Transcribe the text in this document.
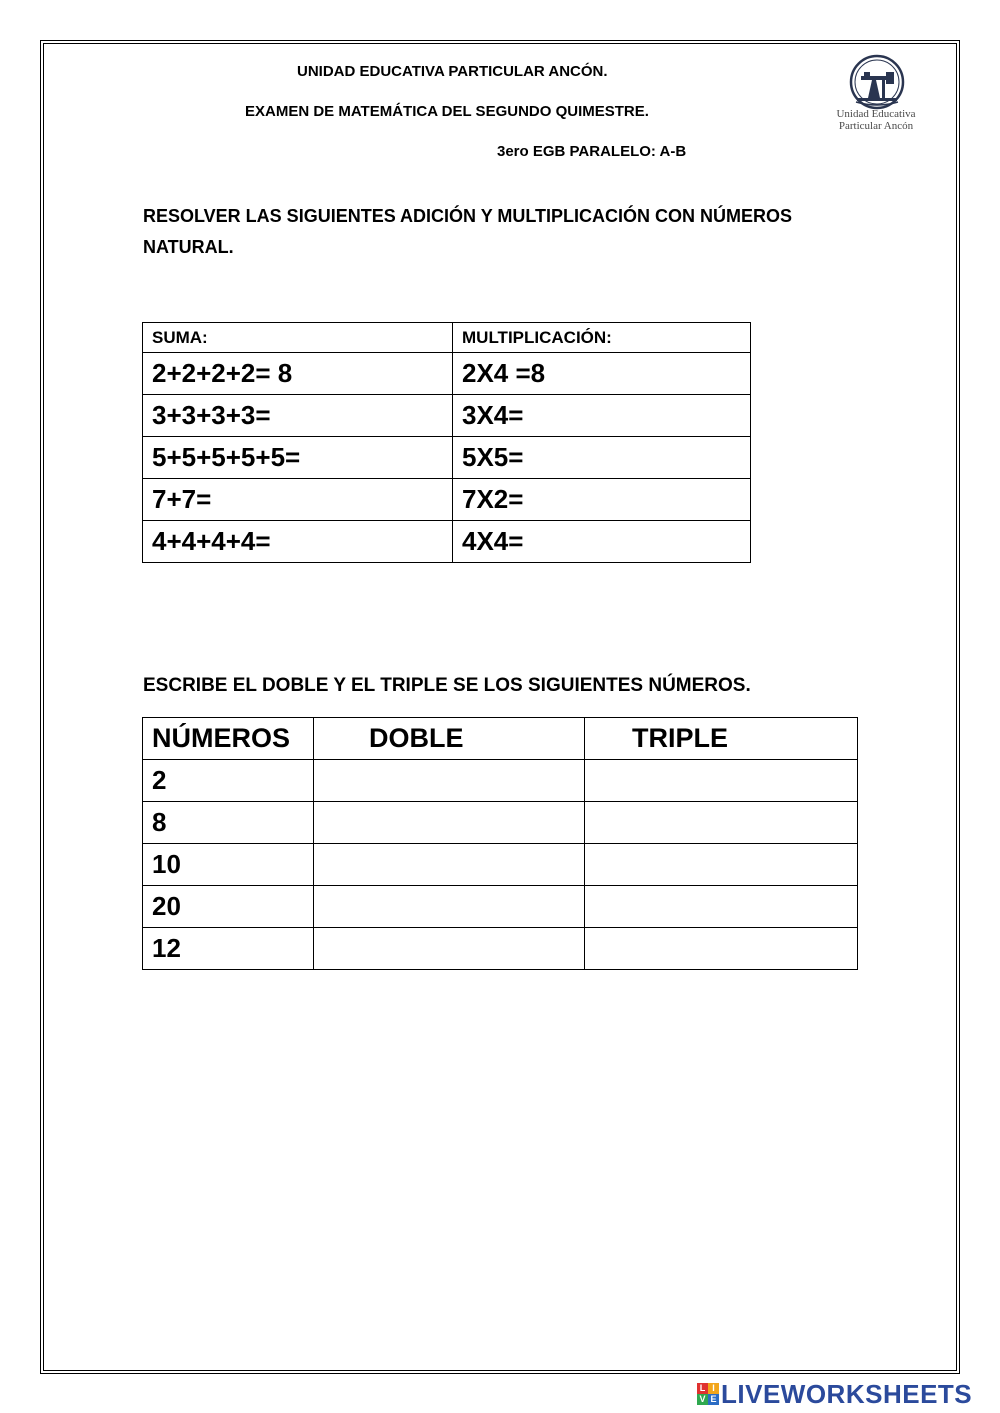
UNIDAD EDUCATIVA PARTICULAR ANCÓN.
EXAMEN DE MATEMÁTICA DEL SEGUNDO QUIMESTRE.
3ero EGB PARALELO: A-B
Unidad Educativa
Particular Ancón
RESOLVER LAS SIGUIENTES ADICIÓN Y MULTIPLICACIÓN CON NÚMEROS NATURAL.
SUMA:	MULTIPLICACIÓN:
2+2+2+2= 8	2X4 =8
3+3+3+3=	3X4=
5+5+5+5+5=	5X5=
7+7=	7X2=
4+4+4+4=	4X4=
ESCRIBE EL DOBLE Y EL TRIPLE SE LOS SIGUIENTES NÚMEROS.
NÚMEROS	DOBLE	TRIPLE
2		
8		
10		
20		
12		
L I
V E LIVEWORKSHEETS
